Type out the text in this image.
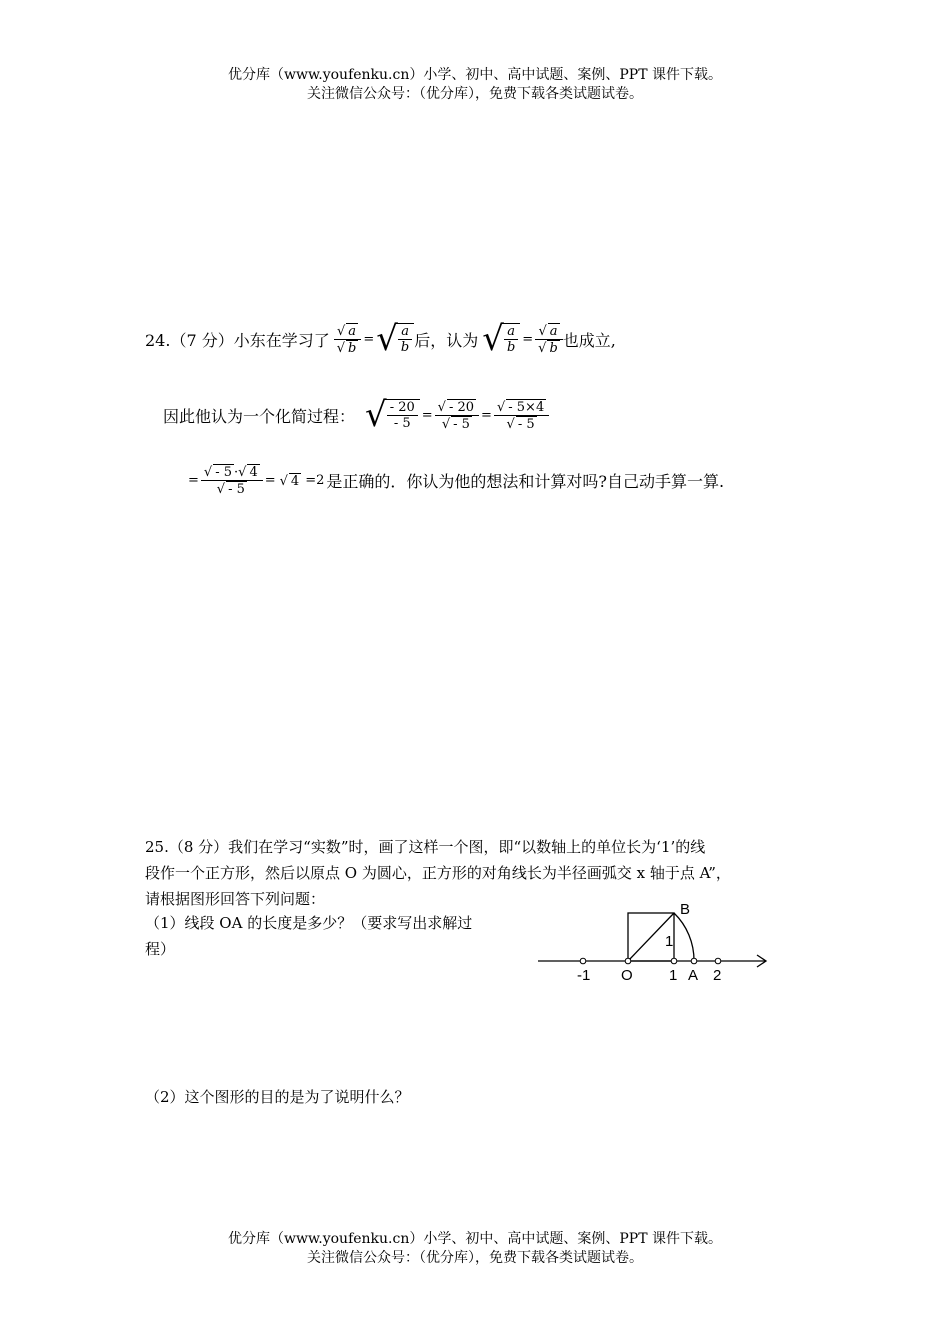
优分库（www.youfenku.cn）小学、初中、高中试题、案例、PPT 课件下载。
关注微信公众号：（优分库），免费下载各类试题试卷。
24.（7 分）小东在学习了 $\frac{√ a}{√ b}$ = √
$\frac{a}{b}$ 后，认为 √
$\frac{a}{b} = \frac{√ a}{√ b}$ 也成立,
因此他认为一个化简过程： √
$\frac{- 20}{- 5} = \frac{√ - 20}{√ - 5} = \frac{√ - 5\times 4}{√ - 5}$
= $\frac{√ - 5 \cdot√ 4}{√ - 5}$ = √ 4 =2 是正确的．你认为他的想法和计算对吗?自己动手算一算.
25.（8 分）我们在学习“实数”时，画了这样一个图，即“以数轴上的单位长为‘1’的线
段作一个正方形，然后以原点 O 为圆心，正方形的对角线长为半径画弧交 x 轴于点 A”，
请根据图形回答下列问题：
（1）线段 OA 的长度是多少？（要求写出求解过
程）
（2）这个图形的目的是为了说明什么？
-1 O 1 A 2
B
1
优分库（www.youfenku.cn）小学、初中、高中试题、案例、PPT 课件下载。
关注微信公众号：（优分库），免费下载各类试题试卷。
